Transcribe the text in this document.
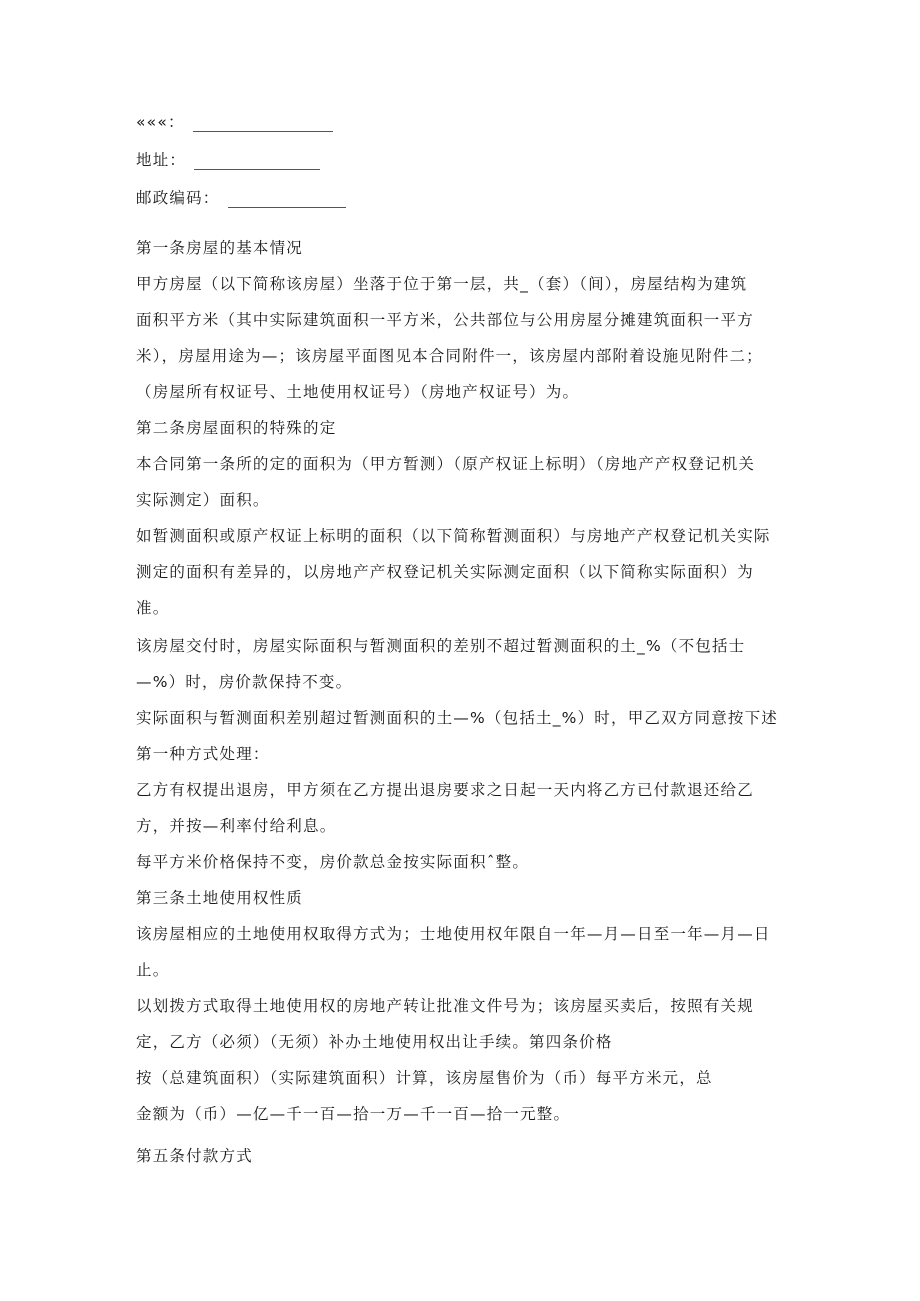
«««：
地址：
邮政编码：
第一条房屋的基本情况
甲方房屋（以下简称该房屋）坐落于位于第一层，共_（套）（间），房屋结构为建筑
面积平方米（其中实际建筑面积一平方米，公共部位与公用房屋分摊建筑面积一平方
米），房屋用途为—；该房屋平面图见本合同附件一，该房屋内部附着设施见附件二；
（房屋所有权证号、土地使用权证号）（房地产权证号）为。
第二条房屋面积的特殊的定
本合同第一条所的定的面积为（甲方暂测）（原产权证上标明）（房地产产权登记机关
实际测定）面积。
如暂测面积或原产权证上标明的面积（以下简称暂测面积）与房地产产权登记机关实际
测定的面积有差异的，以房地产产权登记机关实际测定面积（以下简称实际面积）为
准。
该房屋交付时，房屋实际面积与暂测面积的差别不超过暂测面积的土_%（不包括士
—%）时，房价款保持不变。
实际面积与暂测面积差别超过暂测面积的土—%（包括土_%）时，甲乙双方同意按下述
第一种方式处理：
乙方有权提出退房，甲方须在乙方提出退房要求之日起一天内将乙方已付款退还给乙
方，并按—利率付给利息。
每平方米价格保持不变，房价款总金按实际面积ˆ整。
第三条土地使用权性质
该房屋相应的土地使用权取得方式为；士地使用权年限自一年—月—日至一年—月—日
止。
以划拨方式取得土地使用权的房地产转让批准文件号为；该房屋买卖后，按照有关规
定，乙方（必须）（无须）补办土地使用权出让手续。第四条价格
按（总建筑面积）（实际建筑面积）计算，该房屋售价为（币）每平方米元，总
金额为（币）—亿—千一百—拾一万—千一百—拾一元整。
第五条付款方式
